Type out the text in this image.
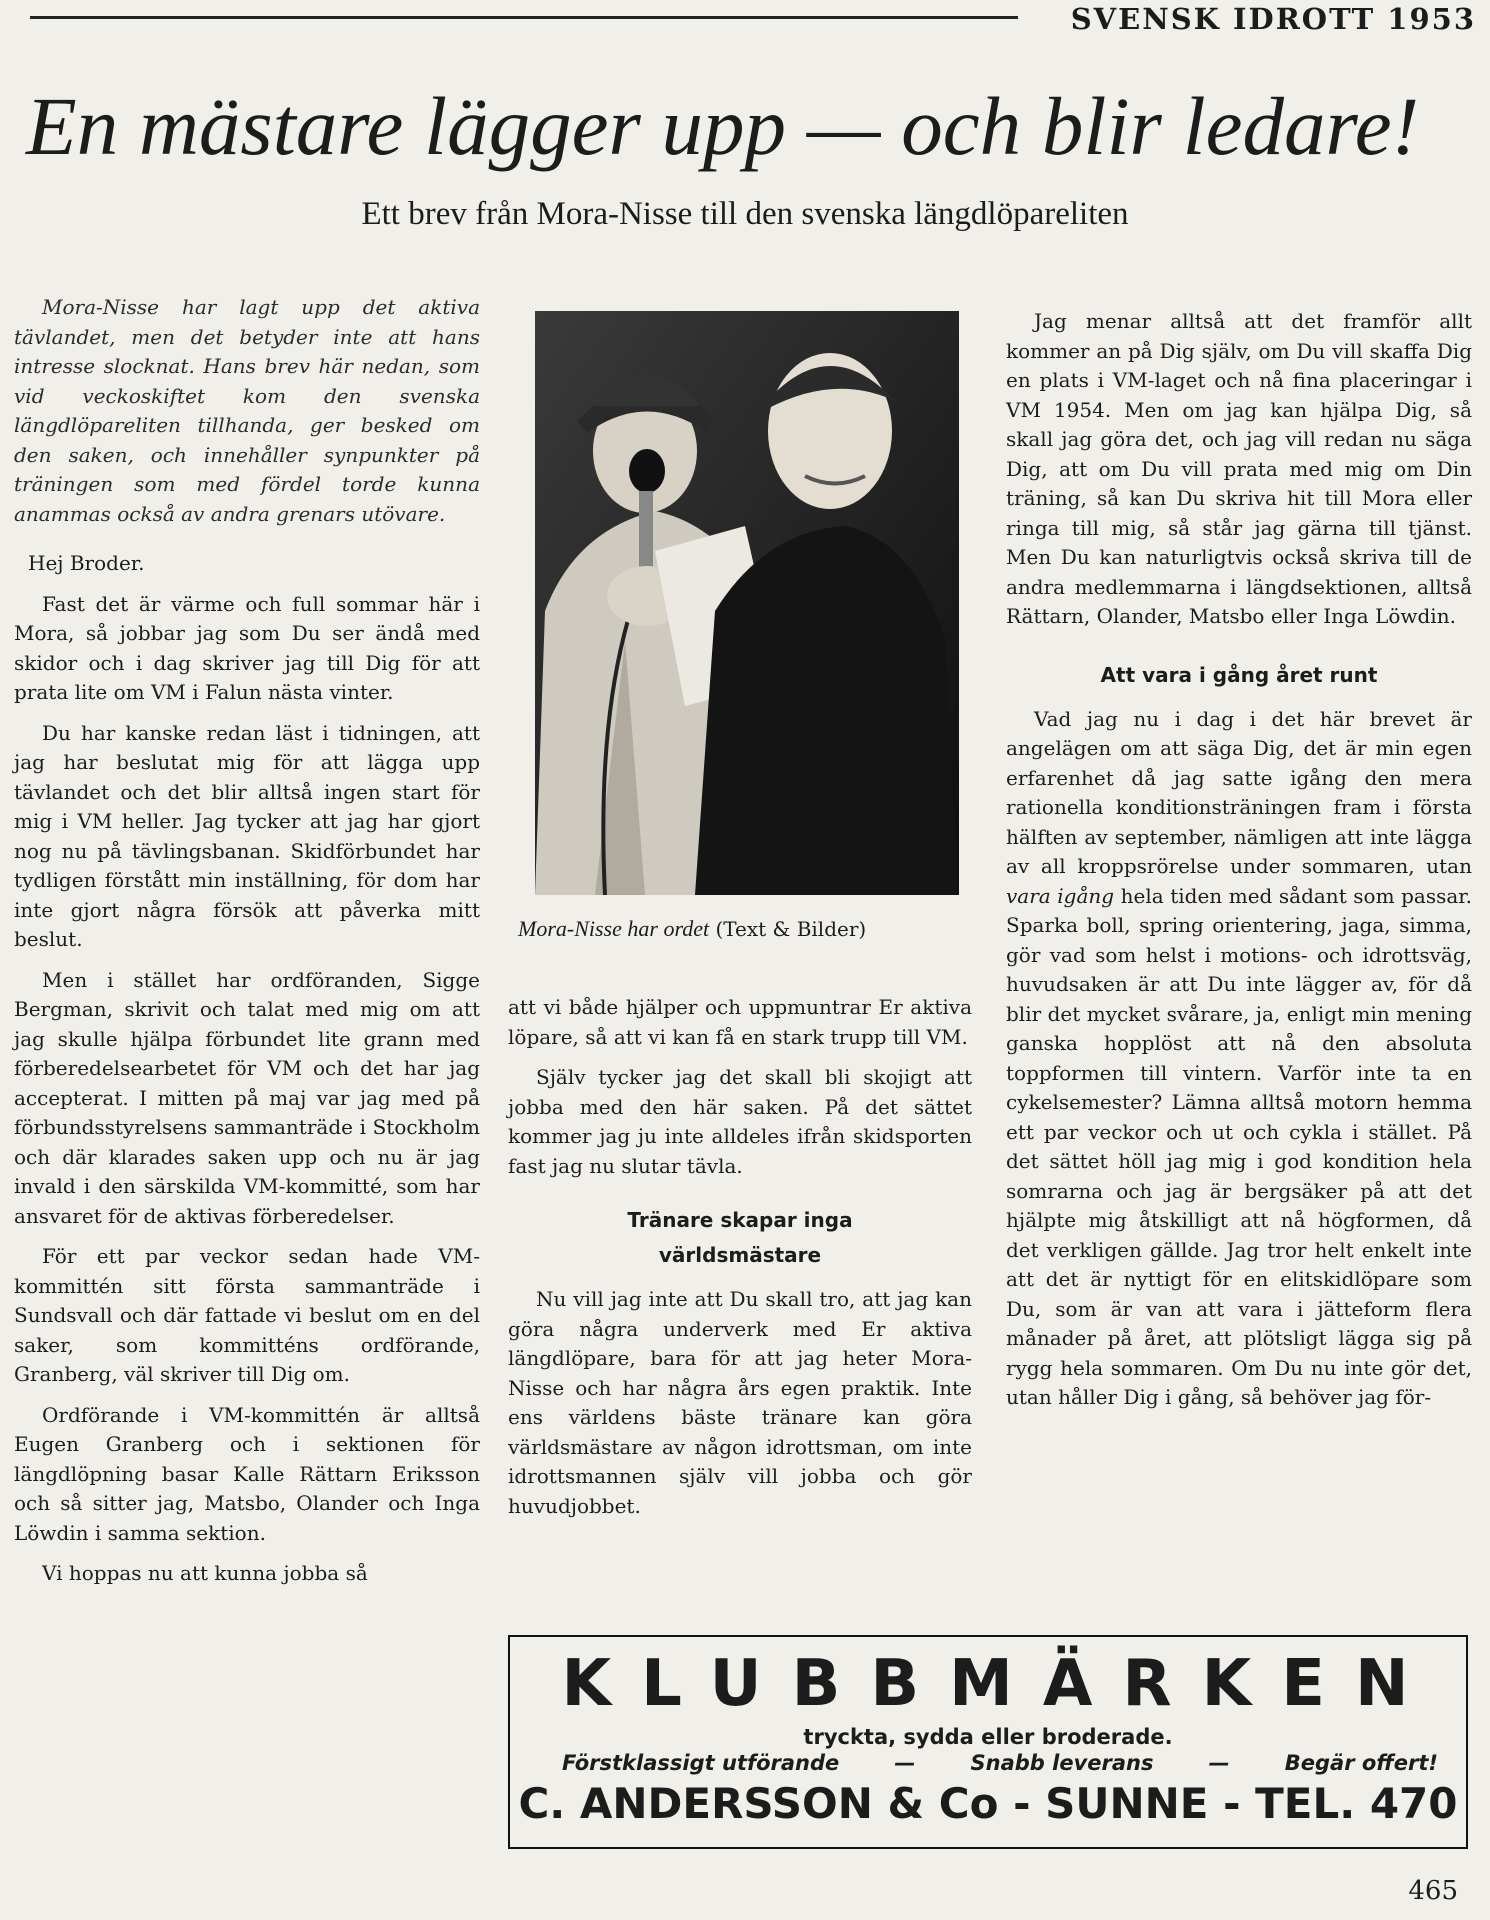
SVENSK IDROTT 1953
En mästare lägger upp — och blir ledare!
Ett brev från Mora-Nisse till den svenska längdlöpareliten

Mora-Nisse har lagt upp det aktiva tävlandet, men det betyder inte att hans intresse slocknat. Hans brev här nedan, som vid veckoskiftet kom den svenska längdlöpareliten tillhanda, ger besked om den saken, och innehåller synpunkter på träningen som med fördel torde kunna anammas också av andra grenars utövare.

Hej Broder.

Fast det är värme och full sommar här i Mora, så jobbar jag som Du ser ändå med skidor och i dag skriver jag till Dig för att prata lite om VM i Falun nästa vinter.

Du har kanske redan läst i tidningen, att jag har beslutat mig för att lägga upp tävlandet och det blir alltså ingen start för mig i VM heller. Jag tycker att jag har gjort nog nu på tävlingsbanan. Skidförbundet har tydligen förstått min inställning, för dom har inte gjort några försök att påverka mitt beslut.

Men i stället har ordföranden, Sigge Bergman, skrivit och talat med mig om att jag skulle hjälpa förbundet lite grann med förberedelsearbetet för VM och det har jag accepterat. I mitten på maj var jag med på förbundsstyrelsens sammanträde i Stockholm och där klarades saken upp och nu är jag invald i den särskilda VM-kommitté, som har ansvaret för de aktivas förberedelser.

För ett par veckor sedan hade VM-kommittén sitt första sammanträde i Sundsvall och där fattade vi beslut om en del saker, som kommitténs ordförande, Granberg, väl skriver till Dig om.

Ordförande i VM-kommittén är alltså Eugen Granberg och i sektionen för längdlöpning basar Kalle Rättarn Eriksson och så sitter jag, Matsbo, Olander och Inga Löwdin i samma sektion.

Vi hoppas nu att kunna jobba så

Mora-Nisse har ordet (Text & Bilder)

att vi både hjälper och uppmuntrar Er aktiva löpare, så att vi kan få en stark trupp till VM.

Själv tycker jag det skall bli skojigt att jobba med den här saken. På det sättet kommer jag ju inte alldeles ifrån skidsporten fast jag nu slutar tävla.

Tränare skapar inga
världsmästare

Nu vill jag inte att Du skall tro, att jag kan göra några underverk med Er aktiva längdlöpare, bara för att jag heter Mora-Nisse och har några års egen praktik. Inte ens världens bäste tränare kan göra världsmästare av någon idrottsman, om inte idrottsmannen själv vill jobba och gör huvudjobbet.

Jag menar alltså att det framför allt kommer an på Dig själv, om Du vill skaffa Dig en plats i VM-laget och nå fina placeringar i VM 1954. Men om jag kan hjälpa Dig, så skall jag göra det, och jag vill redan nu säga Dig, att om Du vill prata med mig om Din träning, så kan Du skriva hit till Mora eller ringa till mig, så står jag gärna till tjänst. Men Du kan naturligtvis också skriva till de andra medlemmarna i längdsektionen, alltså Rättarn, Olander, Matsbo eller Inga Löwdin.

Att vara i gång året runt

Vad jag nu i dag i det här brevet är angelägen om att säga Dig, det är min egen erfarenhet då jag satte igång den mera rationella konditionsträningen fram i första hälften av september, nämligen att inte lägga av all kroppsrörelse under sommaren, utan vara igång hela tiden med sådant som passar. Sparka boll, spring orientering, jaga, simma, gör vad som helst i motions- och idrottsväg, huvudsaken är att Du inte lägger av, för då blir det mycket svårare, ja, enligt min mening ganska hopplöst att nå den absoluta toppformen till vintern. Varför inte ta en cykelsemester? Lämna alltså motorn hemma ett par veckor och ut och cykla i stället. På det sättet höll jag mig i god kondition hela somrarna och jag är bergsäker på att det hjälpte mig åtskilligt att nå högformen, då det verkligen gällde. Jag tror helt enkelt inte att det är nyttigt för en elitskidlöpare som Du, som är van att vara i jätteform flera månader på året, att plötsligt lägga sig på rygg hela sommaren. Om Du nu inte gör det, utan håller Dig i gång, så behöver jag för-

KLUBBMÄRKEN
tryckta, sydda eller broderade.
Förstklassigt utförande	—	Snabb leverans	—	Begär offert!
C. ANDERSSON & Co - SUNNE - TEL. 470
465
